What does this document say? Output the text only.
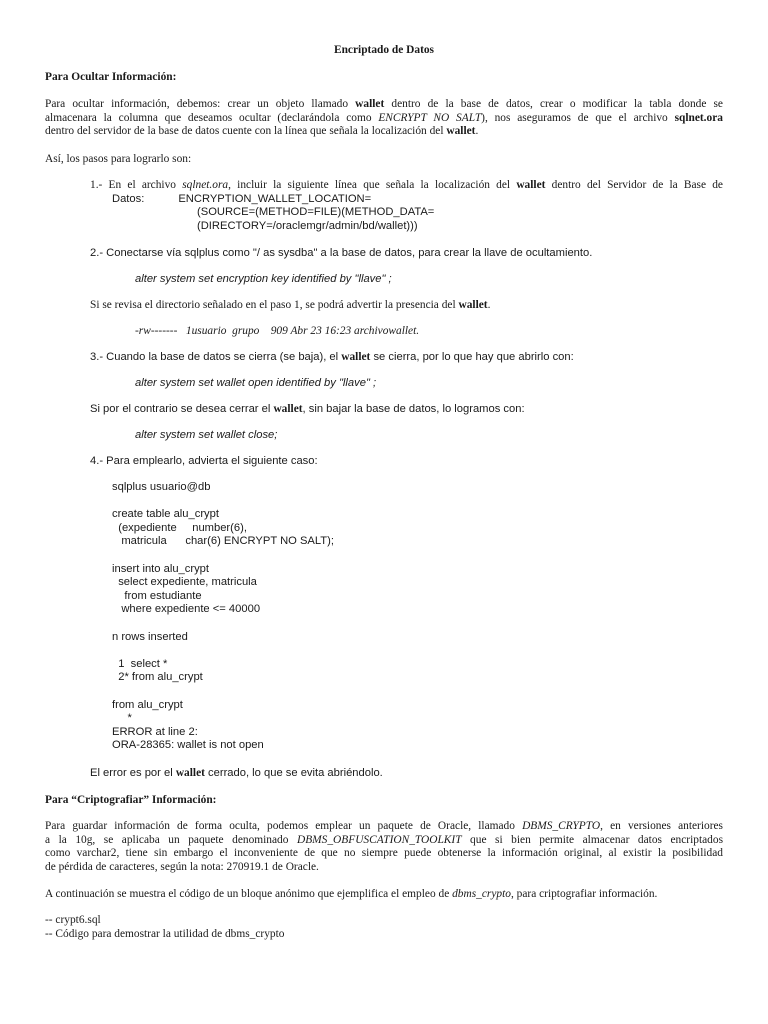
Encriptado de Datos

Para Ocultar Información:

Para ocultar información, debemos: crear un objeto llamado wallet dentro de la base de datos, crear o modificar la tabla donde se
almacenara la columna que deseamos ocultar (declarándola como ENCRYPT NO SALT), nos aseguramos de que el archivo sqlnet.ora
dentro del servidor de la base de datos cuente con la línea que señala la localización del wallet.

Así, los pasos para lograrlo son:

1.- En el archivo sqlnet.ora, incluir la siguiente línea que señala la localización del wallet dentro del Servidor de la Base de
Datos:	ENCRYPTION_WALLET_LOCATION=
(SOURCE=(METHOD=FILE)(METHOD_DATA=
(DIRECTORY=/oraclemgr/admin/bd/wallet)))

2.- Conectarse vía sqlplus como "/ as sysdba" a la base de datos, para crear la llave de ocultamiento.

alter system set encryption key identified by "llave" ;

Si se revisa el directorio señalado en el paso 1, se podrá advertir la presencia del wallet.

-rw-------   1usuario  grupo    909 Abr 23 16:23 archivowallet.

3.- Cuando la base de datos se cierra (se baja), el wallet se cierra, por lo que hay que abrirlo con:

alter system set wallet open identified by "llave" ;

Si por el contrario se desea cerrar el wallet, sin bajar la base de datos, lo logramos con:

alter system set wallet close;

4.- Para emplearlo, advierta el siguiente caso:

sqlplus usuario@db

create table alu_crypt
(expediente     number(6),
matricula      char(6) ENCRYPT NO SALT);

insert into alu_crypt
select expediente, matricula
from estudiante
where expediente <= 40000

n rows inserted

1  select *
2* from alu_crypt

from alu_crypt
*
ERROR at line 2:
ORA-28365: wallet is not open

El error es por el wallet cerrado, lo que se evita abriéndolo.

Para “Criptografiar” Información:

Para guardar información de forma oculta, podemos emplear un paquete de Oracle, llamado DBMS_CRYPTO, en versiones anteriores
a la 10g, se aplicaba un paquete denominado DBMS_OBFUSCATION_TOOLKIT que si bien permite almacenar datos encriptados
como varchar2, tiene sin embargo el inconveniente de que no siempre puede obtenerse la información original, al existir la posibilidad
de pérdida de caracteres, según la nota: 270919.1 de Oracle.

A continuación se muestra el código de un bloque anónimo que ejemplifica el empleo de dbms_crypto, para criptografiar información.

-- crypt6.sql

-- Código para demostrar la utilidad de dbms_crypto
